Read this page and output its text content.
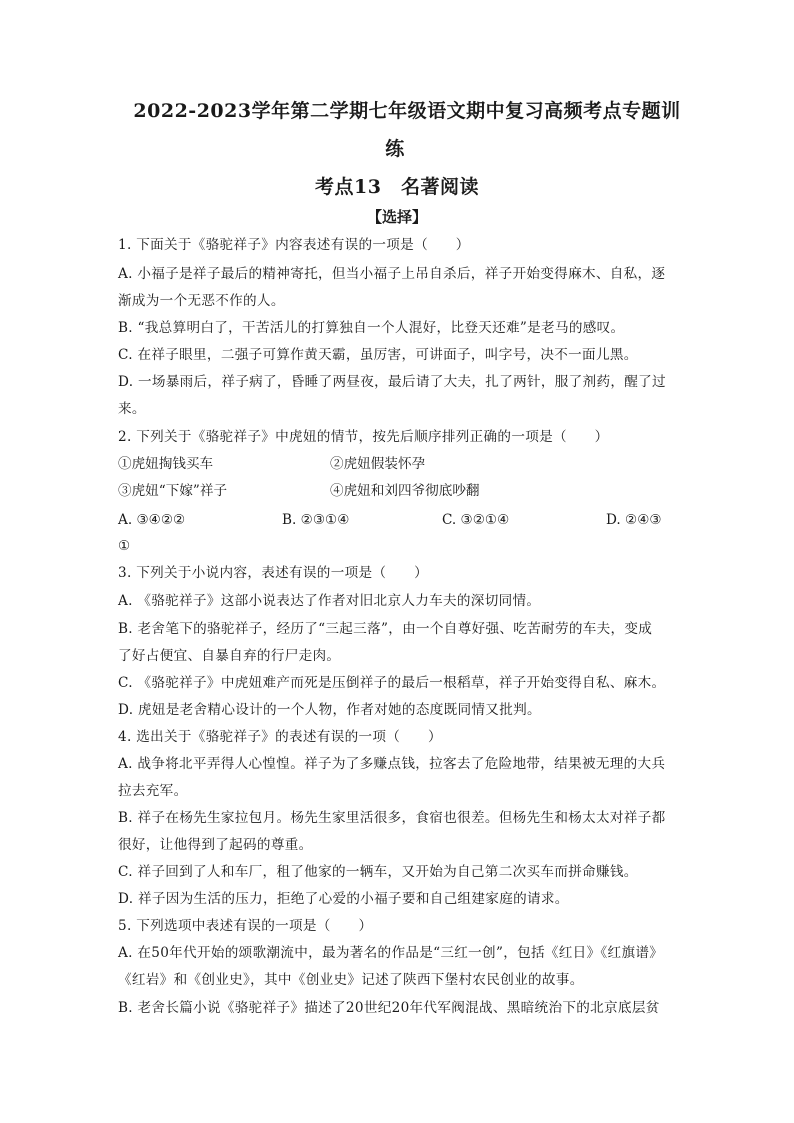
2022-2023学年第二学期七年级语文期中复习高频考点专题训
练
考点13　名著阅读
【选择】
1. 下面关于《骆驼祥子》内容表述有误的一项是（　　）
A. 小福子是祥子最后的精神寄托，但当小福子上吊自杀后，祥子开始变得麻木、自私，逐
渐成为一个无恶不作的人。
B. “我总算明白了，干苦活儿的打算独自一个人混好，比登天还难”是老马的感叹。
C. 在祥子眼里，二强子可算作黄天霸，虽厉害，可讲面子，叫字号，决不一面儿黑。
D. 一场暴雨后，祥子病了，昏睡了两昼夜，最后请了大夫，扎了两针，服了剂药，醒了过
来。
2. 下列关于《骆驼祥子》中虎妞的情节，按先后顺序排列正确的一项是（　　）
①虎妞掏钱买车	②虎妞假装怀孕
③虎妞“下嫁”祥子	④虎妞和刘四爷彻底吵翻
A. ③④②②	B. ②③①④	C. ③②①④	D. ②④③
①
3. 下列关于小说内容，表述有误的一项是（　　）
A. 《骆驼祥子》这部小说表达了作者对旧北京人力车夫的深切同情。
B. 老舍笔下的骆驼祥子，经历了“三起三落”，由一个自尊好强、吃苦耐劳的车夫，变成
了好占便宜、自暴自弃的行尸走肉。
C. 《骆驼祥子》中虎妞难产而死是压倒祥子的最后一根稻草，祥子开始变得自私、麻木。
D. 虎妞是老舍精心设计的一个人物，作者对她的态度既同情又批判。
4. 选出关于《骆驼祥子》的表述有误的一项（　　）
A. 战争将北平弄得人心惶惶。祥子为了多赚点钱，拉客去了危险地带，结果被无理的大兵
拉去充军。
B. 祥子在杨先生家拉包月。杨先生家里活很多，食宿也很差。但杨先生和杨太太对祥子都
很好，让他得到了起码的尊重。
C. 祥子回到了人和车厂，租了他家的一辆车，又开始为自己第二次买车而拼命赚钱。
D. 祥子因为生活的压力，拒绝了心爱的小福子要和自己组建家庭的请求。
5. 下列选项中表述有误的一项是（　　）
A. 在50年代开始的颂歌潮流中，最为著名的作品是“三红一创”，包括《红日》《红旗谱》
《红岩》和《创业史》，其中《创业史》记述了陕西下堡村农民创业的故事。
B. 老舍长篇小说《骆驼祥子》描述了20世纪20年代军阀混战、黑暗统治下的北京底层贫
